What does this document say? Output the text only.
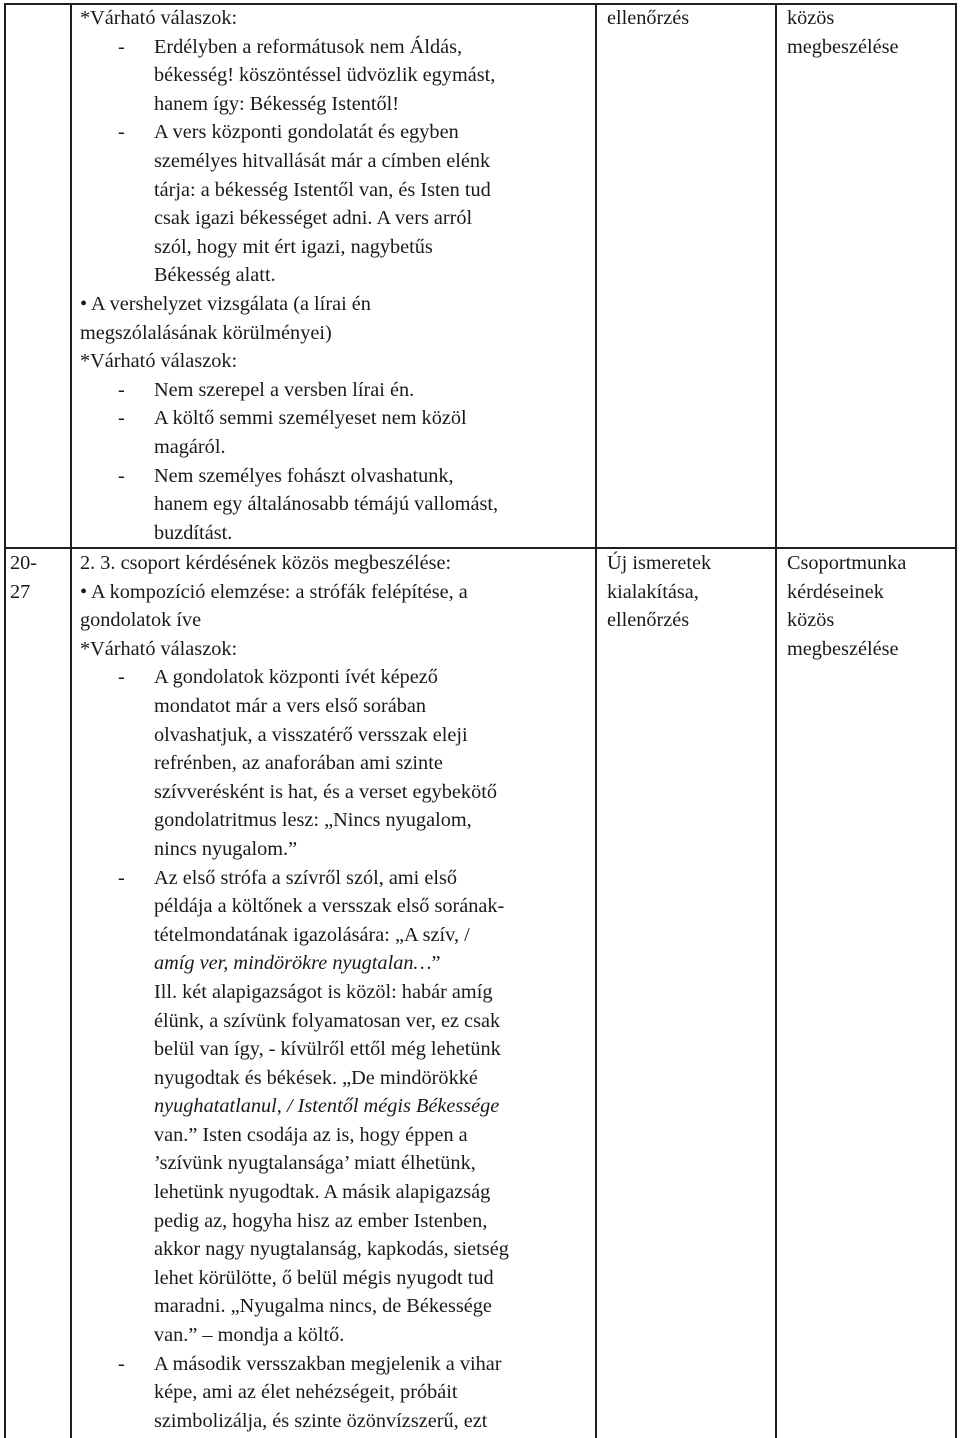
*Várható válaszok:

- Erdélyben a reformátusok nem Áldás,

békesség! köszöntéssel üdvözlik egymást,

hanem így: Békesség Istentől!

- A vers központi gondolatát és egyben

személyes hitvallását már a címben elénk

tárja: a békesség Istentől van, és Isten tud

csak igazi békességet adni. A vers arról

szól, hogy mit ért igazi, nagybetűs

Békesség alatt.

• A vershelyzet vizsgálata (a lírai én

megszólalásának körülményei)

*Várható válaszok:

- Nem szerepel a versben lírai én.

- A költő semmi személyeset nem közöl

magáról.

- Nem személyes fohászt olvashatunk,

hanem egy általánosabb témájú vallomást,

buzdítást.

ellenőrzés	közös

megbeszélése

20-

27

2. 3. csoport kérdésének közös megbeszélése:

• A kompozíció elemzése: a strófák felépítése, a

gondolatok íve

*Várható válaszok:

- A gondolatok központi ívét képező

mondatot már a vers első sorában

olvashatjuk, a visszatérő versszak eleji

refrénben, az anaforában ami szinte

szívverésként is hat, és a verset egybekötő

gondolatritmus lesz: „Nincs nyugalom,

nincs nyugalom.”

- Az első strófa a szívről szól, ami első

példája a költőnek a versszak első sorának-

tételmondatának igazolására: „A szív, /

amíg ver, mindörökre nyugtalan…”

Ill. két alapigazságot is közöl: habár amíg

élünk, a szívünk folyamatosan ver, ez csak

belül van így, - kívülről ettől még lehetünk

nyugodtak és békések. „De mindörökké

nyughatatlanul, / Istentől mégis Békessége

van.” Isten csodája az is, hogy éppen a

’szívünk nyugtalansága’ miatt élhetünk,

lehetünk nyugodtak. A másik alapigazság

pedig az, hogyha hisz az ember Istenben,

akkor nagy nyugtalanság, kapkodás, sietség

lehet körülötte, ő belül mégis nyugodt tud

maradni. „Nyugalma nincs, de Békessége

van.” – mondja a költő.

- A második versszakban megjelenik a vihar

képe, ami az élet nehézségeit, próbáit

szimbolizálja, és szinte özönvízszerű, ezt

Új ismeretek

kialakítása,

ellenőrzés

Csoportmunka

kérdéseinek

közös

megbeszélése
